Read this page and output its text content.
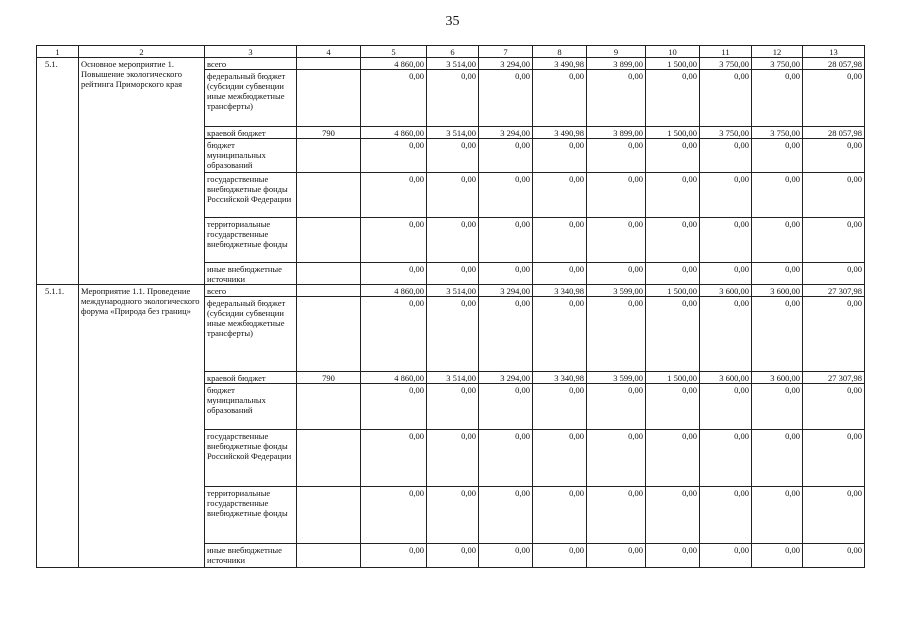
35
1	2	3	4	5	6	7	8	9	10	11	12	13
5.1.	Основное мероприятие 1. Повышение экологического рейтинга Приморского края	всего		4 860,00	3 514,00	3 294,00	3 490,98	3 899,00	1 500,00	3 750,00	3 750,00	28 057,98
		федеральный бюджет (субсидии субвенции иные межбюджетные трансферты)		0,00	0,00	0,00	0,00	0,00	0,00	0,00	0,00	0,00
		краевой бюджет	790	4 860,00	3 514,00	3 294,00	3 490,98	3 899,00	1 500,00	3 750,00	3 750,00	28 057,98
		бюджет муниципальных образований		0,00	0,00	0,00	0,00	0,00	0,00	0,00	0,00	0,00
		государственные внебюджетные фонды Российской Федерации		0,00	0,00	0,00	0,00	0,00	0,00	0,00	0,00	0,00
		территориальные государственные внебюджетные фонды		0,00	0,00	0,00	0,00	0,00	0,00	0,00	0,00	0,00
		иные внебюджетные источники		0,00	0,00	0,00	0,00	0,00	0,00	0,00	0,00	0,00
5.1.1.	Мероприятие 1.1. Проведение международного экологического форума «Природа без границ»	всего		4 860,00	3 514,00	3 294,00	3 340,98	3 599,00	1 500,00	3 600,00	3 600,00	27 307,98
		федеральный бюджет (субсидии субвенции иные межбюджетные трансферты)		0,00	0,00	0,00	0,00	0,00	0,00	0,00	0,00	0,00
		краевой бюджет	790	4 860,00	3 514,00	3 294,00	3 340,98	3 599,00	1 500,00	3 600,00	3 600,00	27 307,98
		бюджет муниципальных образований		0,00	0,00	0,00	0,00	0,00	0,00	0,00	0,00	0,00
		государственные внебюджетные фонды Российской Федерации		0,00	0,00	0,00	0,00	0,00	0,00	0,00	0,00	0,00
		территориальные государственные внебюджетные фонды		0,00	0,00	0,00	0,00	0,00	0,00	0,00	0,00	0,00
		иные внебюджетные источники		0,00	0,00	0,00	0,00	0,00	0,00	0,00	0,00	0,00
